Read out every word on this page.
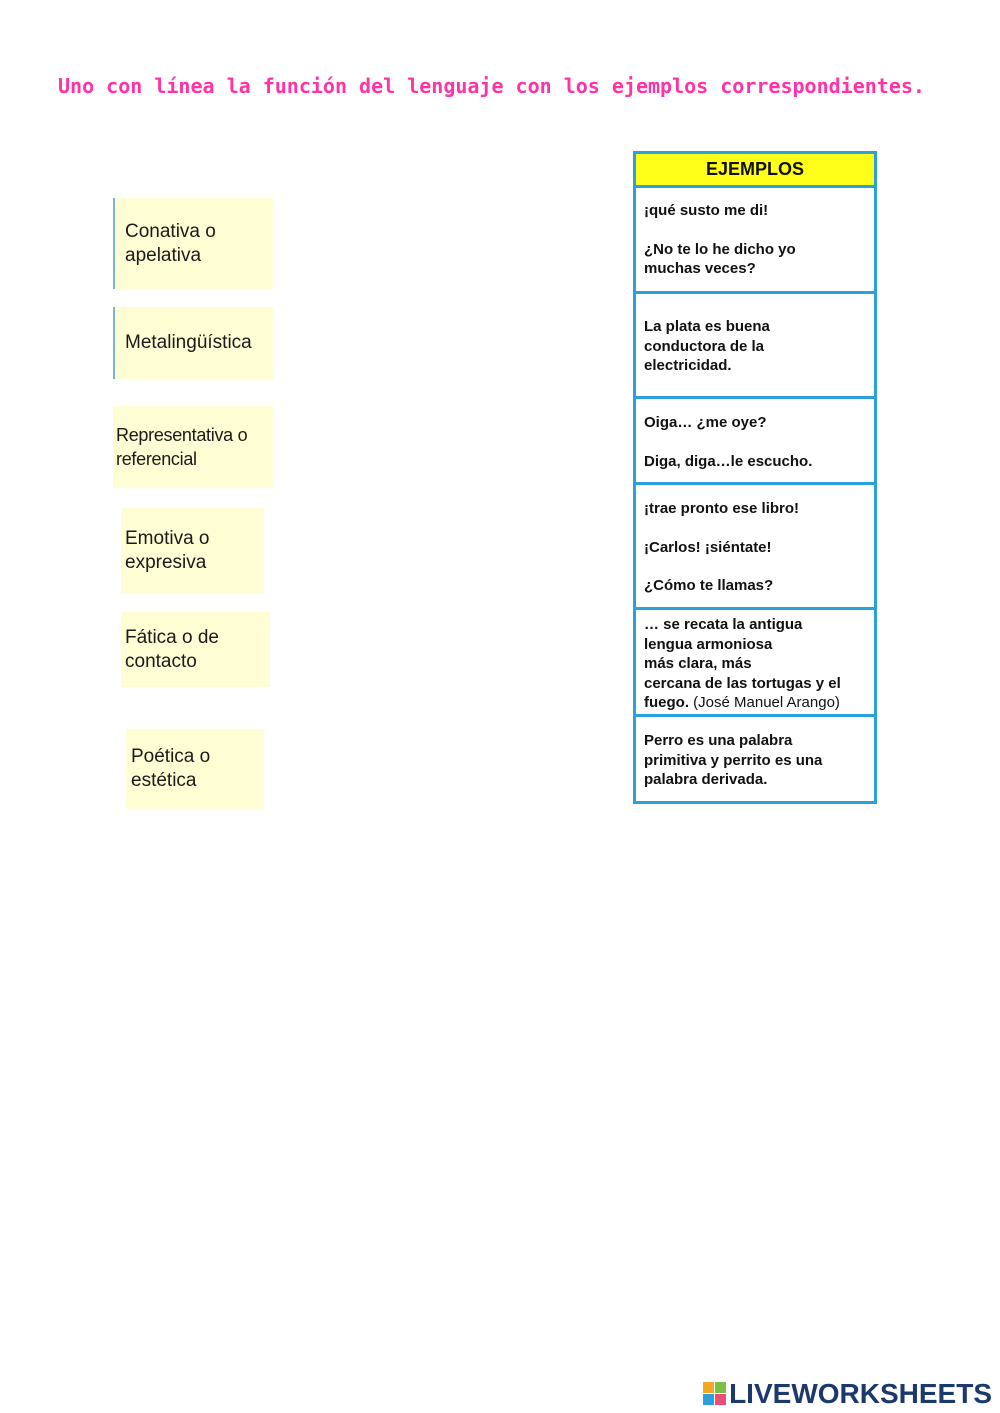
Uno con línea la función del lenguaje con los ejemplos correspondientes.
Conativa o
apelativa
Metalingüística
Representativa o
referencial
Emotiva o
expresiva
Fática o de
contacto
Poética o
estética
EJEMPLOS

¡qué susto me di!

¿No te lo he dicho yo

muchas veces?

La plata es buena

conductora de la

electricidad.

Oiga… ¿me oye?

Diga, diga…le escucho.

¡trae pronto ese libro!

¡Carlos! ¡siéntate!

¿Cómo te llamas?

… se recata la antigua

lengua armoniosa

más clara, más

cercana de las tortugas y el

fuego. (José Manuel Arango)

Perro es una palabra

primitiva y perrito es una

palabra derivada.

LIVEWORKSHEETS
